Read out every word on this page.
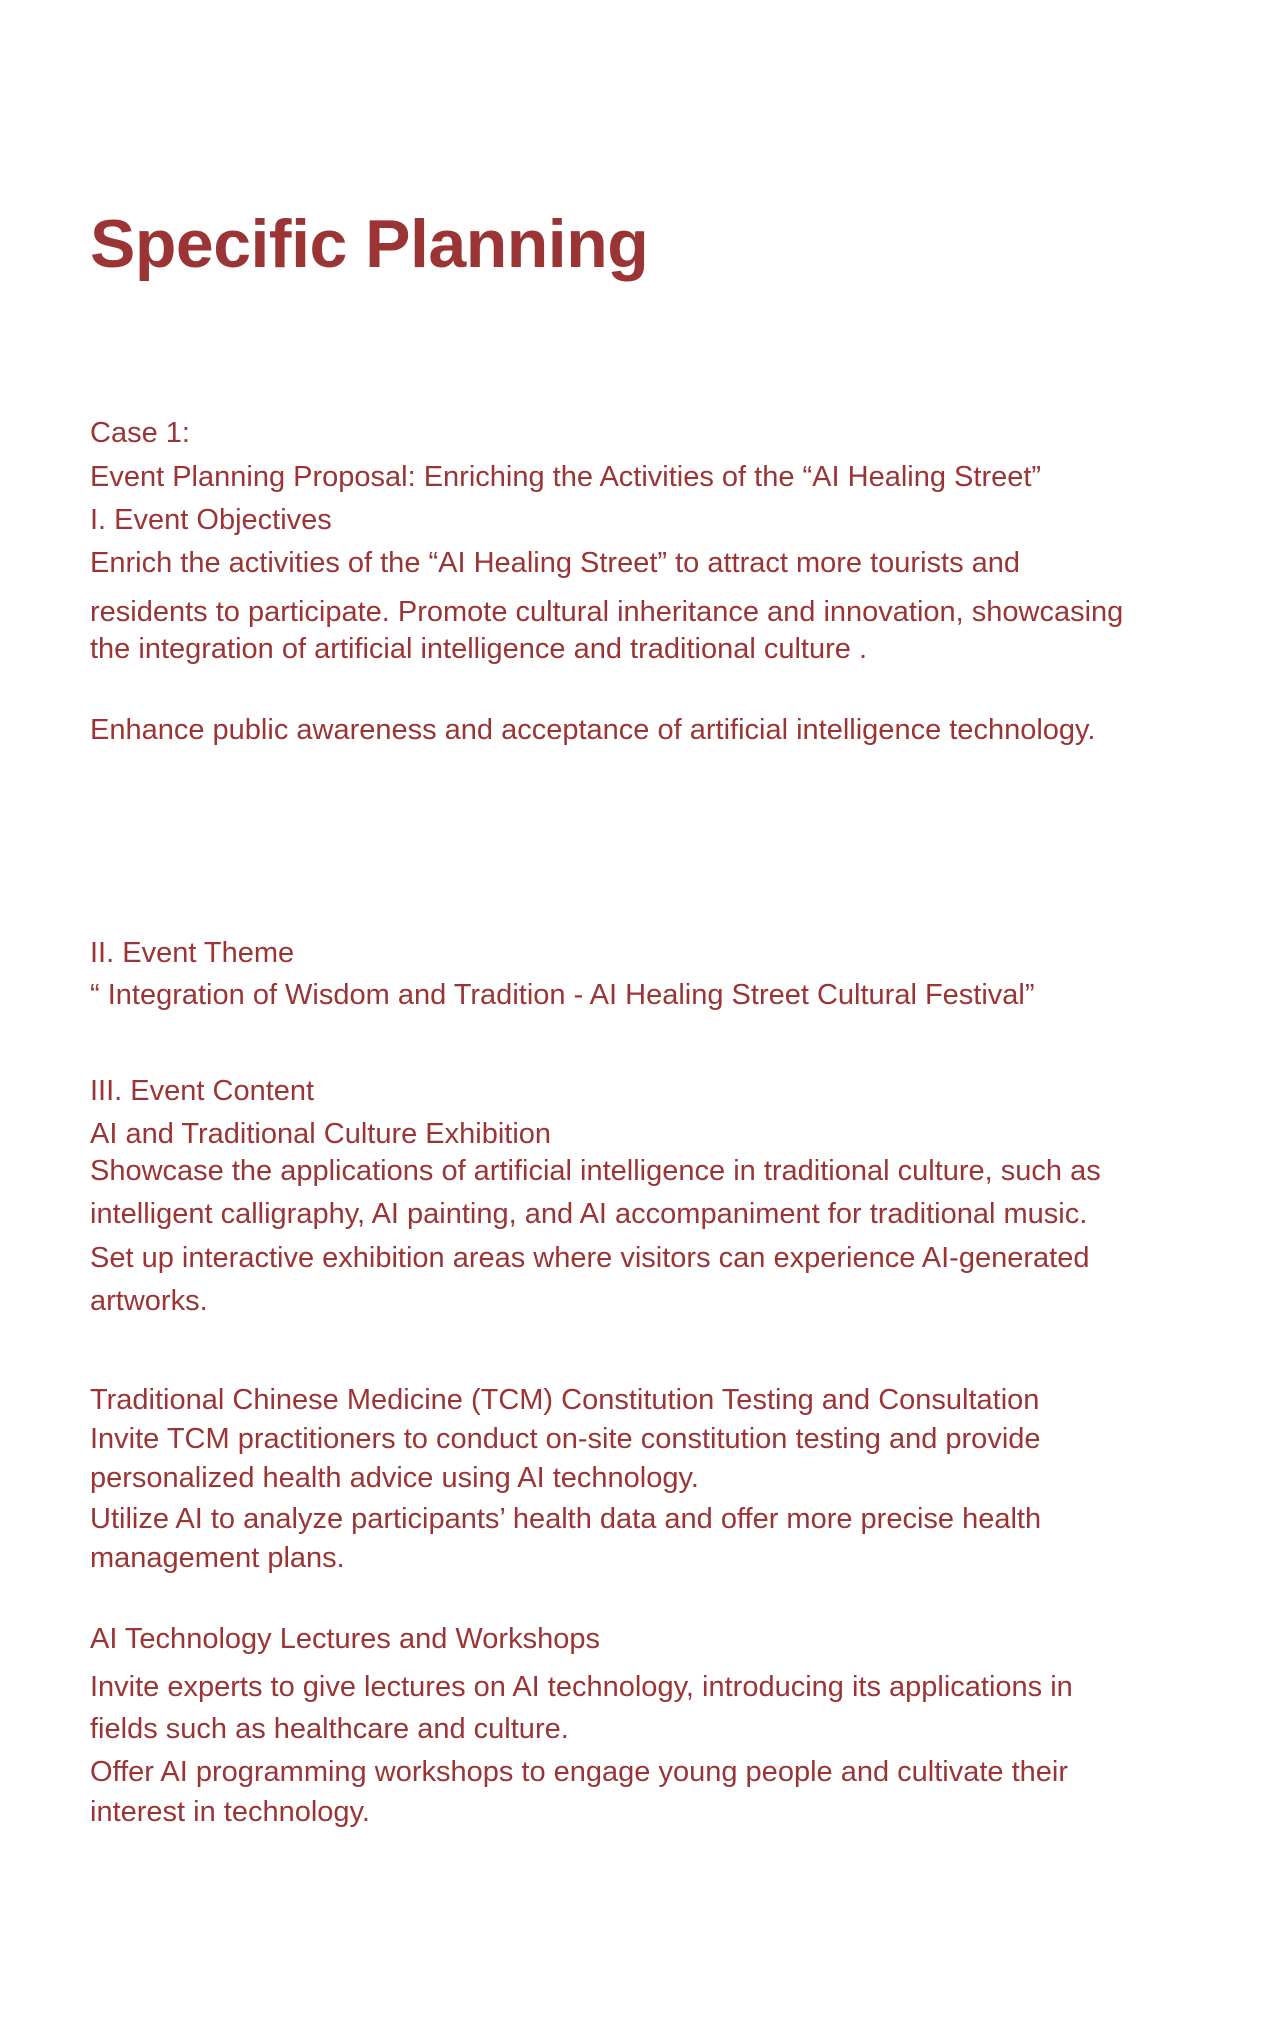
Specific Planning

Case 1:

Event Planning Proposal: Enriching the Activities of the “AI Healing Street”

I. Event Objectives

Enrich the activities of the “AI Healing Street” to attract more tourists and

residents to participate. Promote cultural inheritance and innovation, showcasing

the integration of artificial intelligence and traditional culture .

Enhance public awareness and acceptance of artificial intelligence technology.

II. Event Theme

“ Integration of Wisdom and Tradition - AI Healing Street Cultural Festival”

III. Event Content

AI and Traditional Culture Exhibition

Showcase the applications of artificial intelligence in traditional culture, such as

intelligent calligraphy, AI painting, and AI accompaniment for traditional music.

Set up interactive exhibition areas where visitors can experience AI-generated

artworks.

Traditional Chinese Medicine (TCM) Constitution Testing and Consultation

Invite TCM practitioners to conduct on-site constitution testing and provide

personalized health advice using AI technology.

Utilize AI to analyze participants’ health data and offer more precise health

management plans.

AI Technology Lectures and Workshops

Invite experts to give lectures on AI technology, introducing its applications in

fields such as healthcare and culture.

Offer AI programming workshops to engage young people and cultivate their

interest in technology.
